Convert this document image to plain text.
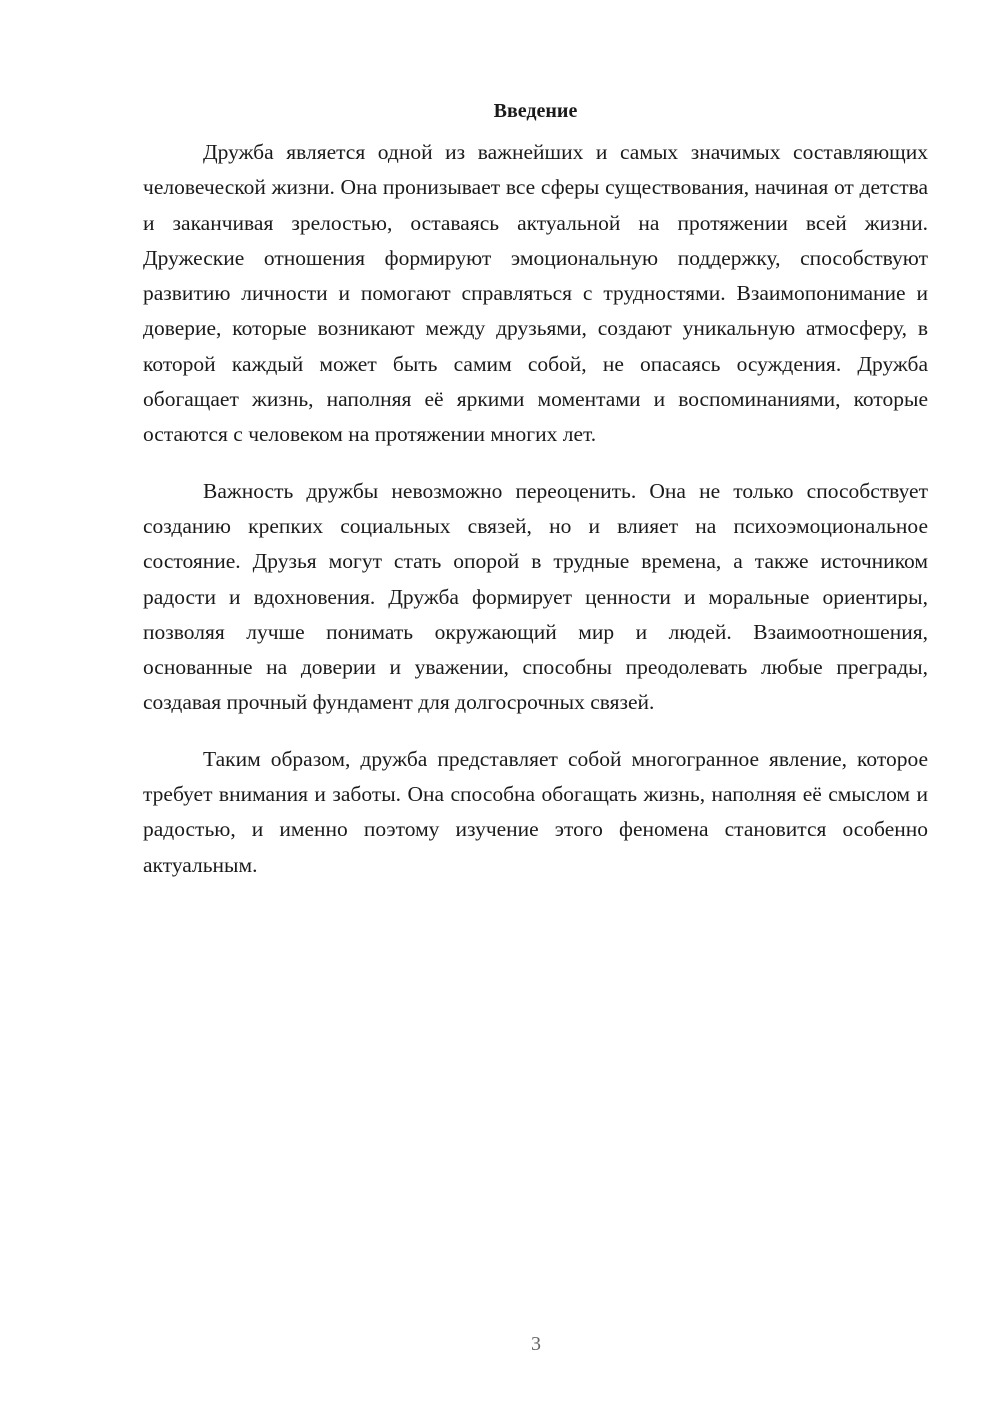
Введение

Дружба является одной из важнейших и самых значимых составляющих человеческой жизни. Она пронизывает все сферы существования, начиная от детства и заканчивая зрелостью, оставаясь актуальной на протяжении всей жизни. Дружеские отношения формируют эмоциональную поддержку, способствуют развитию личности и помогают справляться с трудностями. Взаимопонимание и доверие, которые возникают между друзьями, создают уникальную атмосферу, в которой каждый может быть самим собой, не опасаясь осуждения. Дружба обогащает жизнь, наполняя её яркими моментами и воспоминаниями, которые остаются с человеком на протяжении многих лет.

Важность дружбы невозможно переоценить. Она не только способствует созданию крепких социальных связей, но и влияет на психоэмоциональное состояние. Друзья могут стать опорой в трудные времена, а также источником радости и вдохновения. Дружба формирует ценности и моральные ориентиры, позволяя лучше понимать окружающий мир и людей. Взаимоотношения, основанные на доверии и уважении, способны преодолевать любые преграды, создавая прочный фундамент для долгосрочных связей.

Таким образом, дружба представляет собой многогранное явление, которое требует внимания и заботы. Она способна обогащать жизнь, наполняя её смыслом и радостью, и именно поэтому изучение этого феномена становится особенно актуальным.

3
